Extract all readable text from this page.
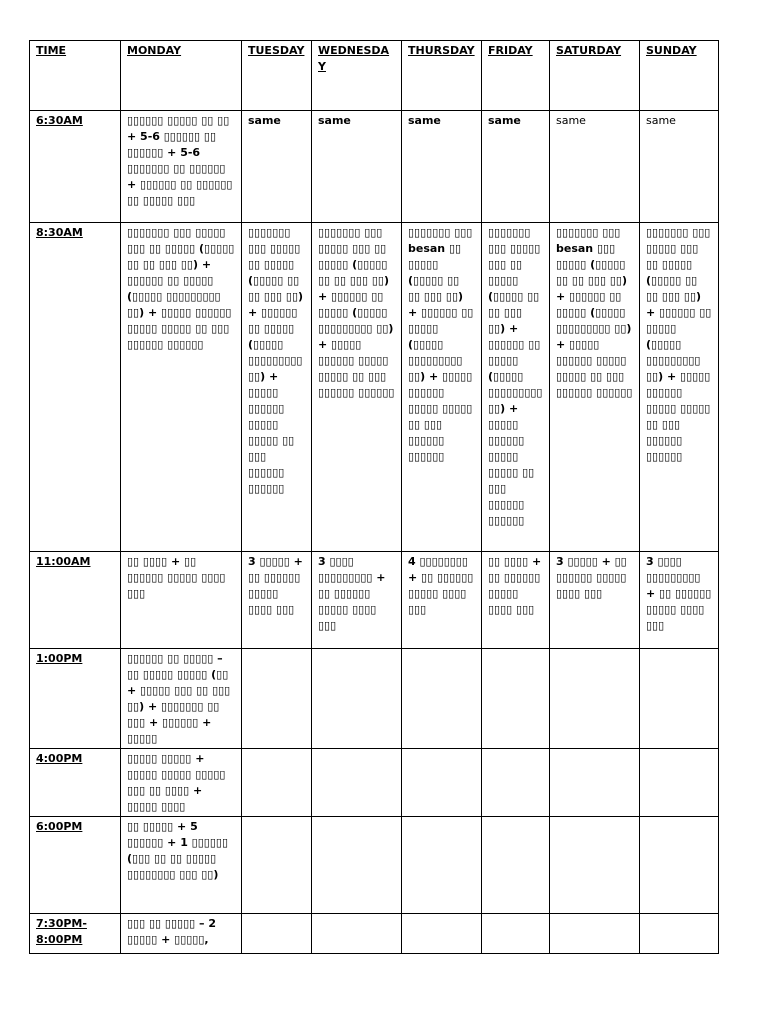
TIME	MONDAY	TUESDAY	WEDNESDAY	THURSDAY	FRIDAY	SATURDAY	SUNDAY
6:30AM	▯▯▯▯▯▯ ▯▯▯▯▯ ▯▯ ▯▯ + 5-6 ▯▯▯▯▯▯ ▯▯ ▯▯▯▯▯▯ + 5-6 ▯▯▯▯▯▯▯ ▯▯ ▯▯▯▯▯▯ + ▯▯▯▯▯▯ ▯▯ ▯▯▯▯▯▯ ▯▯ ▯▯▯▯▯ ▯▯▯	same	same	same	same	same	same
8:30AM	▯▯▯▯▯▯▯ ▯▯▯ ▯▯▯▯▯ ▯▯▯ ▯▯ ▯▯▯▯▯ (▯▯▯▯▯ ▯▯ ▯▯ ▯▯▯ ▯▯) + ▯▯▯▯▯▯ ▯▯ ▯▯▯▯▯ (▯▯▯▯▯ ▯▯▯▯▯▯▯▯▯ ▯▯) + ▯▯▯▯▯ ▯▯▯▯▯▯ ▯▯▯▯▯ ▯▯▯▯▯ ▯▯ ▯▯▯ ▯▯▯▯▯▯ ▯▯▯▯▯▯	▯▯▯▯▯▯▯ ▯▯▯ ▯▯▯▯▯ ▯▯ ▯▯▯▯▯ (▯▯▯▯▯ ▯▯ ▯▯ ▯▯▯ ▯▯) + ▯▯▯▯▯▯ ▯▯ ▯▯▯▯▯ (▯▯▯▯▯ ▯▯▯▯▯▯▯▯▯ ▯▯) + ▯▯▯▯▯ ▯▯▯▯▯▯ ▯▯▯▯▯ ▯▯▯▯▯ ▯▯ ▯▯▯ ▯▯▯▯▯▯ ▯▯▯▯▯▯	▯▯▯▯▯▯▯ ▯▯▯ ▯▯▯▯▯ ▯▯▯ ▯▯ ▯▯▯▯▯ (▯▯▯▯▯ ▯▯ ▯▯ ▯▯▯ ▯▯) + ▯▯▯▯▯▯ ▯▯ ▯▯▯▯▯ (▯▯▯▯▯ ▯▯▯▯▯▯▯▯▯ ▯▯) + ▯▯▯▯▯ ▯▯▯▯▯▯ ▯▯▯▯▯ ▯▯▯▯▯ ▯▯ ▯▯▯ ▯▯▯▯▯▯ ▯▯▯▯▯▯	▯▯▯▯▯▯▯ ▯▯▯ besan ▯▯ ▯▯▯▯▯ (▯▯▯▯▯ ▯▯ ▯▯ ▯▯▯ ▯▯) + ▯▯▯▯▯▯ ▯▯ ▯▯▯▯▯ (▯▯▯▯▯ ▯▯▯▯▯▯▯▯▯ ▯▯) + ▯▯▯▯▯ ▯▯▯▯▯▯ ▯▯▯▯▯ ▯▯▯▯▯ ▯▯ ▯▯▯ ▯▯▯▯▯▯ ▯▯▯▯▯▯	▯▯▯▯▯▯▯ ▯▯▯ ▯▯▯▯▯ ▯▯▯ ▯▯ ▯▯▯▯▯ (▯▯▯▯▯ ▯▯ ▯▯ ▯▯▯ ▯▯) + ▯▯▯▯▯▯ ▯▯ ▯▯▯▯▯ (▯▯▯▯▯ ▯▯▯▯▯▯▯▯▯ ▯▯) + ▯▯▯▯▯ ▯▯▯▯▯▯ ▯▯▯▯▯ ▯▯▯▯▯ ▯▯ ▯▯▯ ▯▯▯▯▯▯ ▯▯▯▯▯▯	▯▯▯▯▯▯▯ ▯▯▯ besan ▯▯▯ ▯▯▯▯▯ (▯▯▯▯▯ ▯▯ ▯▯ ▯▯▯ ▯▯) + ▯▯▯▯▯▯ ▯▯ ▯▯▯▯▯ (▯▯▯▯▯ ▯▯▯▯▯▯▯▯▯ ▯▯) + ▯▯▯▯▯ ▯▯▯▯▯▯ ▯▯▯▯▯ ▯▯▯▯▯ ▯▯ ▯▯▯ ▯▯▯▯▯▯ ▯▯▯▯▯▯	▯▯▯▯▯▯▯ ▯▯▯ ▯▯▯▯▯ ▯▯▯ ▯▯ ▯▯▯▯▯ (▯▯▯▯▯ ▯▯ ▯▯ ▯▯▯ ▯▯) + ▯▯▯▯▯▯ ▯▯ ▯▯▯▯▯ (▯▯▯▯▯ ▯▯▯▯▯▯▯▯▯ ▯▯) + ▯▯▯▯▯ ▯▯▯▯▯▯ ▯▯▯▯▯ ▯▯▯▯▯ ▯▯ ▯▯▯ ▯▯▯▯▯▯ ▯▯▯▯▯▯
11:00AM	▯▯ ▯▯▯▯ + ▯▯ ▯▯▯▯▯▯ ▯▯▯▯▯ ▯▯▯▯ ▯▯▯	3 ▯▯▯▯▯ + ▯▯ ▯▯▯▯▯▯ ▯▯▯▯▯ ▯▯▯▯ ▯▯▯	3 ▯▯▯▯ ▯▯▯▯▯▯▯▯▯ + ▯▯ ▯▯▯▯▯▯ ▯▯▯▯▯ ▯▯▯▯ ▯▯▯	4 ▯▯▯▯▯▯▯▯ + ▯▯ ▯▯▯▯▯▯ ▯▯▯▯▯ ▯▯▯▯ ▯▯▯	▯▯ ▯▯▯▯ + ▯▯ ▯▯▯▯▯▯ ▯▯▯▯▯ ▯▯▯▯ ▯▯▯	3 ▯▯▯▯▯ + ▯▯ ▯▯▯▯▯▯ ▯▯▯▯▯ ▯▯▯▯ ▯▯▯	3 ▯▯▯▯ ▯▯▯▯▯▯▯▯▯ + ▯▯ ▯▯▯▯▯▯ ▯▯▯▯▯ ▯▯▯▯ ▯▯▯
1:00PM	▯▯▯▯▯▯ ▯▯ ▯▯▯▯▯ – ▯▯ ▯▯▯▯▯ ▯▯▯▯▯ (▯▯ + ▯▯▯▯▯ ▯▯▯ ▯▯ ▯▯▯ ▯▯) + ▯▯▯▯▯▯▯ ▯▯ ▯▯▯ + ▯▯▯▯▯▯ + ▯▯▯▯▯						
4:00PM	▯▯▯▯▯ ▯▯▯▯▯ + ▯▯▯▯▯ ▯▯▯▯▯ ▯▯▯▯▯ ▯▯▯ ▯▯ ▯▯▯▯ + ▯▯▯▯▯ ▯▯▯▯						
6:00PM	▯▯ ▯▯▯▯▯ + 5 ▯▯▯▯▯▯ + 1 ▯▯▯▯▯▯ (▯▯▯ ▯▯ ▯▯ ▯▯▯▯▯ ▯▯▯▯▯▯▯▯ ▯▯▯ ▯▯)						
7:30PM-8:00PM	▯▯▯ ▯▯ ▯▯▯▯▯ – 2 ▯▯▯▯▯ + ▯▯▯▯▯,						
